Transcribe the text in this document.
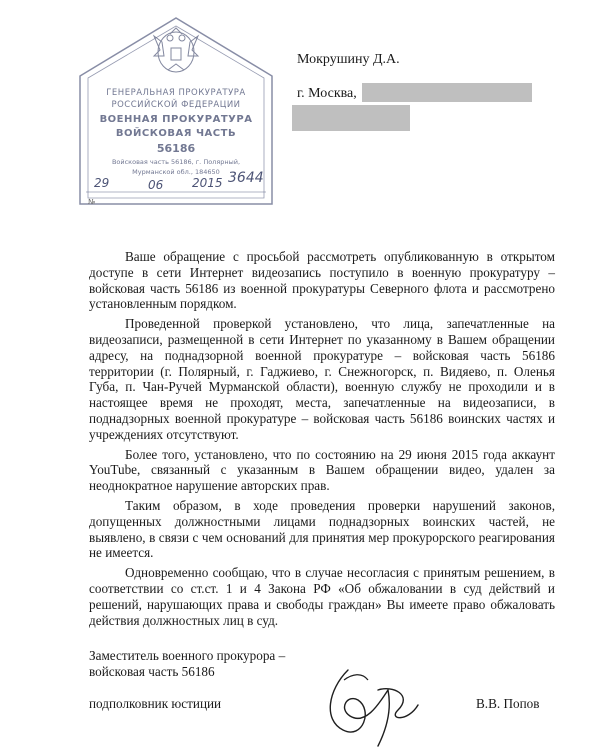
ГЕНЕРАЛЬНАЯ ПРОКУРАТУРА
РОССИЙСКОЙ ФЕДЕРАЦИИ
ВОЕННАЯ ПРОКУРАТУРА
ВОЙСКОВАЯ ЧАСТЬ
56186
Войсковая часть 56186, г. Полярный,
Мурманской обл., 184650
29	06 2015 3644
№
Мокрушину Д.А.
г. Москва,

Ваше обращение с просьбой рассмотреть опубликованную в открытом доступе в сети Интернет видеозапись поступило в военную прокуратуру – войсковая часть 56186 из военной прокуратуры Северного флота и рассмотрено установленным порядком.

Проведенной проверкой установлено, что лица, запечатленные на видеозаписи, размещенной в сети Интернет по указанному в Вашем обращении адресу, на поднадзорной военной прокуратуре – войсковая часть 56186 территории (г. Полярный, г. Гаджиево, г. Снежногорск, п. Видяево, п. Оленья Губа, п. Чан-Ручей Мурманской области), военную службу не проходили и в настоящее время не проходят, места, запечатленные на видеозаписи, в поднадзорных военной прокуратуре – войсковая часть 56186 воинских частях и учреждениях отсутствуют.

Более того, установлено, что по состоянию на 29 июня 2015 года аккаунт YouTube, связанный с указанным в Вашем обращении видео, удален за неоднократное нарушение авторских прав.

Таким образом, в ходе проведения проверки нарушений законов, допущенных должностными лицами поднадзорных воинских частей, не выявлено, в связи с чем оснований для принятия мер прокурорского реагирования не имеется.

Одновременно сообщаю, что в случае несогласия с принятым решением, в соответствии со ст.ст. 1 и 4 Закона РФ «Об обжаловании в суд действий и решений, нарушающих права и свободы граждан» Вы имеете право обжаловать действия должностных лиц в суд.

Заместитель военного прокурора –
войсковая часть 56186
подполковник юстиции	В.В. Попов
